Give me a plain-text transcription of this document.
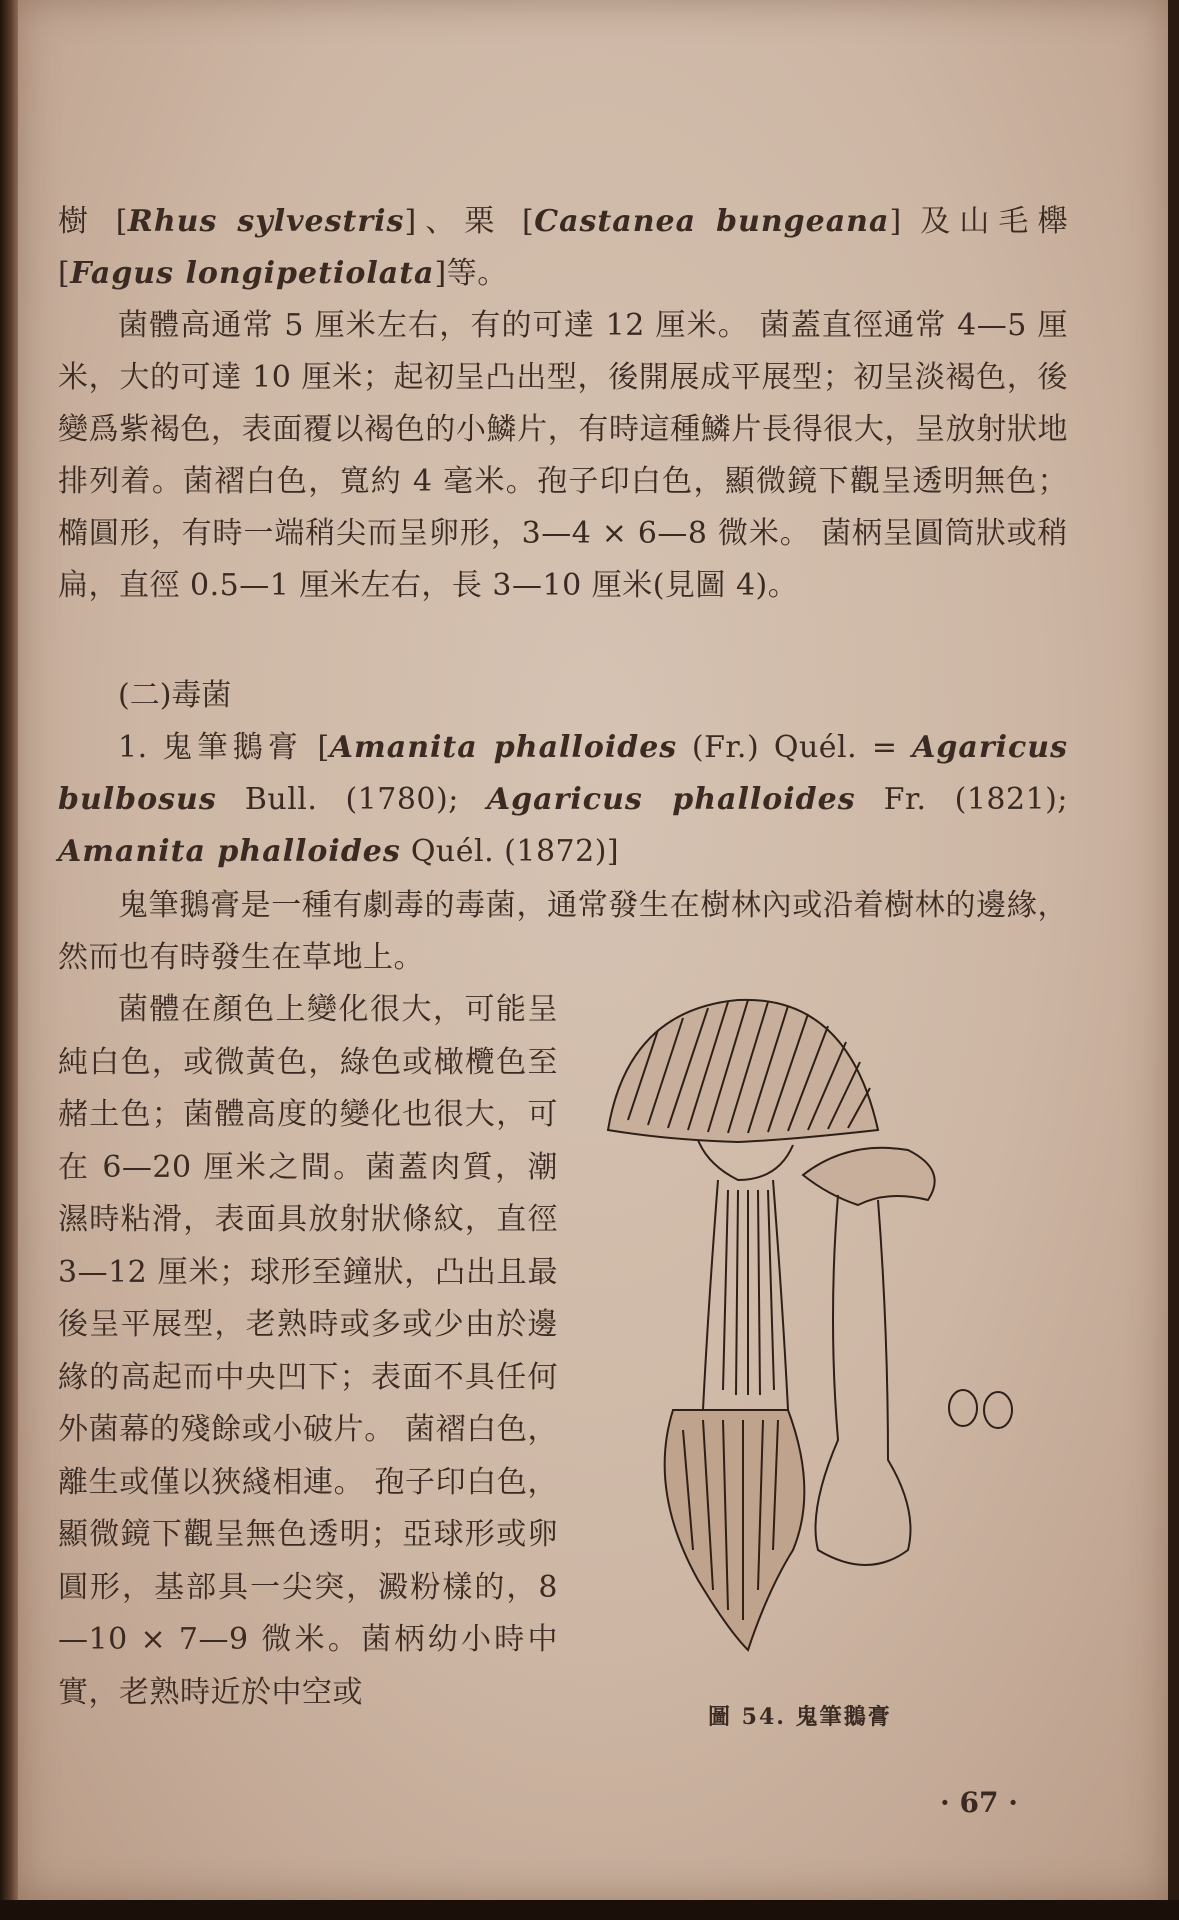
樹 [Rhus sylvestris]、栗 [Castanea bungeana] 及山毛櫸 [Fagus longipetiolata]等。

菌體高通常 5 厘米左右，有的可達 12 厘米。 菌蓋直徑通常 4—5 厘米，大的可達 10 厘米；起初呈凸出型，後開展成平展型；初呈淡褐色，後變爲紫褐色，表面覆以褐色的小鱗片，有時這種鱗片長得很大，呈放射狀地排列着。菌褶白色，寬約 4 毫米。孢子印白色，顯微鏡下觀呈透明無色；橢圓形，有時一端稍尖而呈卵形，3—4 × 6—8 微米。 菌柄呈圓筒狀或稍扁，直徑 0.5—1 厘米左右，長 3—10 厘米(見圖 4)。

(二)毒菌

1. 鬼筆鵝膏 [Amanita phalloides (Fr.) Quél. = Agaricus bulbosus Bull. (1780); Agaricus phalloides Fr. (1821); Amanita phalloides Quél. (1872)]

鬼筆鵝膏是一種有劇毒的毒菌，通常發生在樹林內或沿着樹林的邊緣，然而也有時發生在草地上。

菌體在顏色上變化很大，可能呈純白色，或微黃色，綠色或橄欖色至赭土色；菌體高度的變化也很大，可在 6—20 厘米之間。菌蓋肉質，潮濕時粘滑，表面具放射狀條紋，直徑 3—12 厘米；球形至鐘狀，凸出且最後呈平展型，老熟時或多或少由於邊緣的高起而中央凹下；表面不具任何外菌幕的殘餘或小破片。 菌褶白色，離生或僅以狹綫相連。 孢子印白色，顯微鏡下觀呈無色透明；亞球形或卵圓形，基部具一尖突，澱粉樣的，8—10 × 7—9 微米。菌柄幼小時中實，老熟時近於中空或

圖 54. 鬼筆鵝膏

· 67 ·
